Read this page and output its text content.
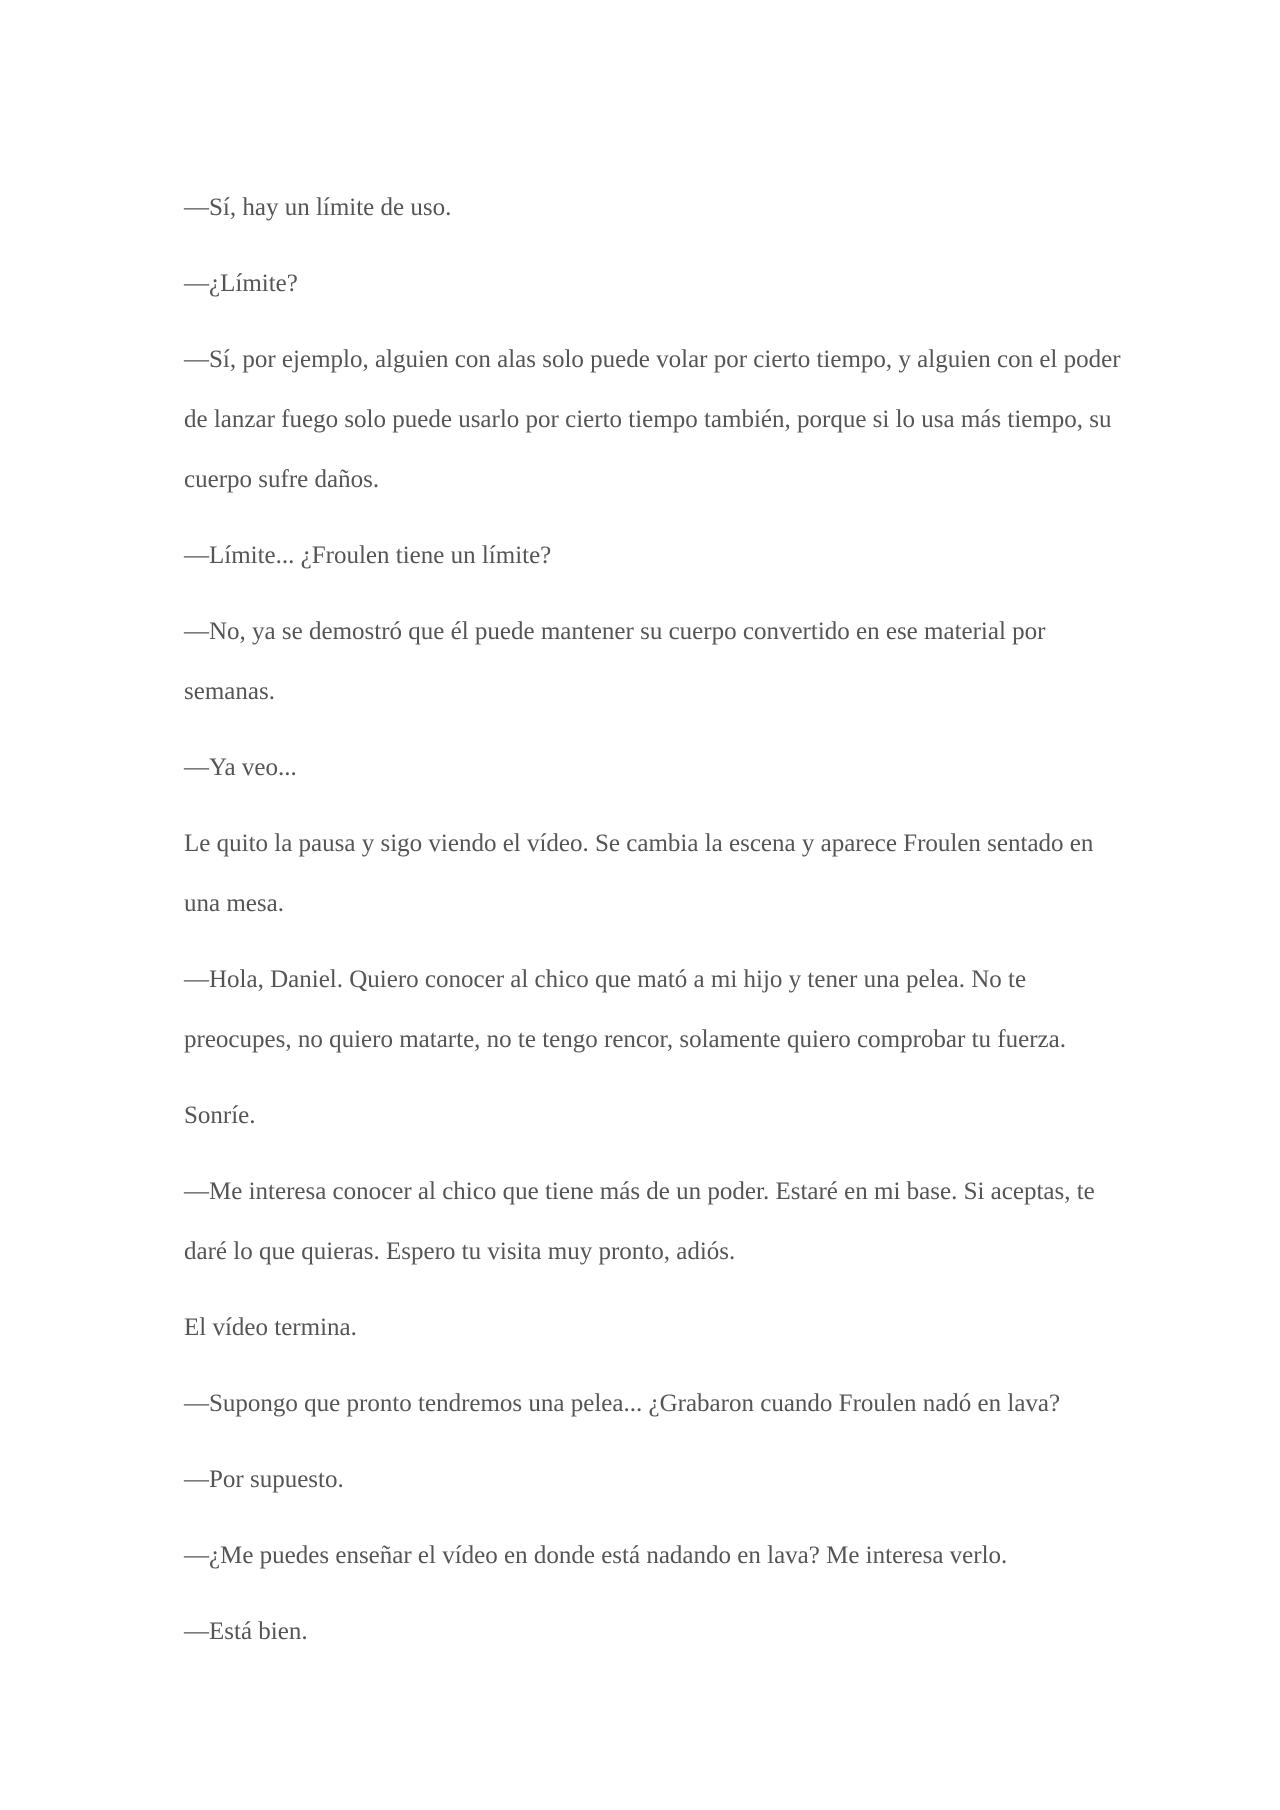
—Sí, hay un límite de uso.

—¿Límite?

—Sí, por ejemplo, alguien con alas solo puede volar por cierto tiempo, y alguien con el poder de lanzar fuego solo puede usarlo por cierto tiempo también, porque si lo usa más tiempo, su cuerpo sufre daños.

—Límite... ¿Froulen tiene un límite?

—No, ya se demostró que él puede mantener su cuerpo convertido en ese material por semanas.

—Ya veo...

Le quito la pausa y sigo viendo el vídeo. Se cambia la escena y aparece Froulen sentado en una mesa.

—Hola, Daniel. Quiero conocer al chico que mató a mi hijo y tener una pelea. No te preocupes, no quiero matarte, no te tengo rencor, solamente quiero comprobar tu fuerza.

Sonríe.

—Me interesa conocer al chico que tiene más de un poder. Estaré en mi base. Si aceptas, te daré lo que quieras. Espero tu visita muy pronto, adiós.

El vídeo termina.

—Supongo que pronto tendremos una pelea... ¿Grabaron cuando Froulen nadó en lava?

—Por supuesto.

—¿Me puedes enseñar el vídeo en donde está nadando en lava? Me interesa verlo.

—Está bien.
